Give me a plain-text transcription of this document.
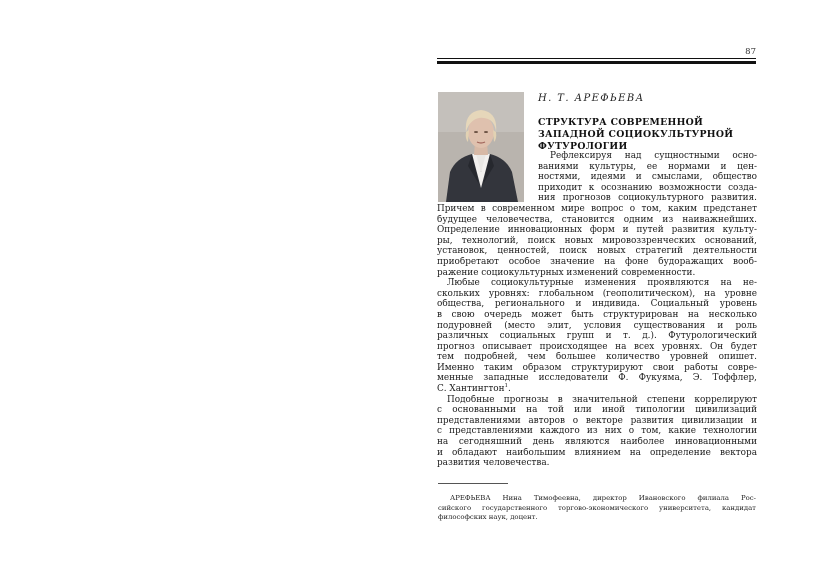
87
Н. Т. АРЕФЬЕВА
СТРУКТУРА СОВРЕМЕННОЙ
ЗАПАДНОЙ СОЦИОКУЛЬТУРНОЙ
ФУТУРОЛОГИИ
Рефлексируя над сущностными осно-
ваниями культуры, ее нормами и цен-
ностями, идеями и смыслами, общество
приходит к осознанию возможности созда-
ния прогнозов социокультурного развития.
Причем в современном мире вопрос о том, каким предстанет
будущее человечества, становится одним из наиважнейших.
Определение инновационных форм и путей развития культу-
ры, технологий, поиск новых мировоззренческих оснований,
установок, ценностей, поиск новых стратегий деятельности
приобретают особое значение на фоне будоражащих вооб-
ражение социокультурных изменений современности.
Любые социокультурные изменения проявляются на не-
скольких уровнях: глобальном (геополитическом), на уровне
общества, регионального и индивида. Социальный уровень
в свою очередь может быть структурирован на несколько
подуровней (место элит, условия существования и роль
различных социальных групп и т. д.). Футурологический
прогноз описывает происходящее на всех уровнях. Он будет
тем подробней, чем большее количество уровней опишет.
Именно таким образом структурируют свои работы совре-
менные западные исследователи Ф. Фукуяма, Э. Тоффлер,
С. Хантингтон$^1$.
Подобные прогнозы в значительной степени коррелируют
с основанными на той или иной типологии цивилизаций
представлениями авторов о векторе развития цивилизации и
с представлениями каждого из них о том, какие технологии
на сегодняшний день являются наиболее инновационными
и обладают наибольшим влиянием на определение вектора
развития человечества.
АРЕФЬЕВА Нина Тимофеевна, директор Ивановского филиала Рос-
сийского государственного торгово-экономического университета, кандидат
философских наук, доцент.
